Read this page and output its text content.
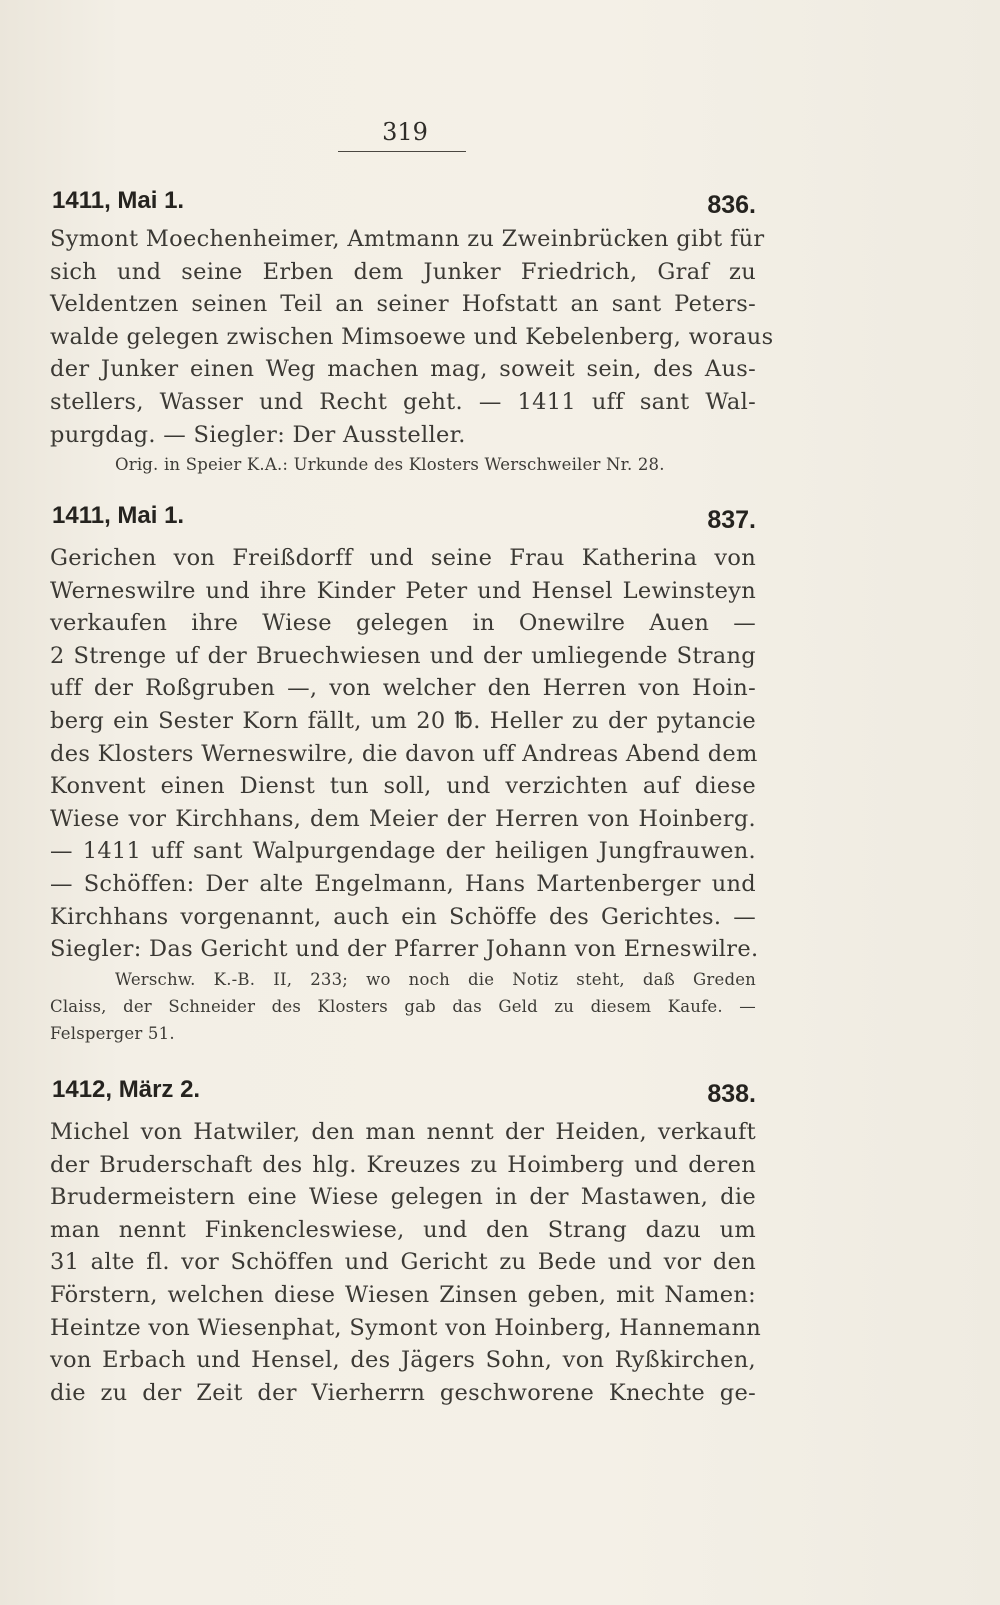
319
1411, Mai 1.	836.
Symont Moechenheimer, Amtmann zu Zweinbrücken gibt für
sich und seine Erben dem Junker Friedrich, Graf zu
Veldentzen seinen Teil an seiner Hofstatt an sant Peters-
walde gelegen zwischen Mimsoewe und Kebelenberg, woraus
der Junker einen Weg machen mag, soweit sein, des Aus-
stellers, Wasser und Recht geht. — 1411 uff sant Wal-
purgdag. — Siegler: Der Aussteller.
Orig. in Speier K.A.: Urkunde des Klosters Werschweiler Nr. 28.
1411, Mai 1.	837.
Gerichen von Freißdorff und seine Frau Katherina von
Werneswilre und ihre Kinder Peter und Hensel Lewinsteyn
verkaufen ihre Wiese gelegen in Onewilre Auen —
2 Strenge uf der Bruechwiesen und der umliegende Strang
uff der Roßgruben —, von welcher den Herren von Hoin-
berg ein Sester Korn fällt, um 20 ℔. Heller zu der pytancie
des Klosters Werneswilre, die davon uff Andreas Abend dem
Konvent einen Dienst tun soll, und verzichten auf diese
Wiese vor Kirchhans, dem Meier der Herren von Hoinberg.
— 1411 uff sant Walpurgendage der heiligen Jungfrauwen.
— Schöffen: Der alte Engelmann, Hans Martenberger und
Kirchhans vorgenannt, auch ein Schöffe des Gerichtes. —
Siegler: Das Gericht und der Pfarrer Johann von Erneswilre.
Werschw. K.-B. II, 233; wo noch die Notiz steht, daß Greden
Claiss, der Schneider des Klosters gab das Geld zu diesem Kaufe. —
Felsperger 51.
1412, März 2.	838.
Michel von Hatwiler, den man nennt der Heiden, verkauft
der Bruderschaft des hlg. Kreuzes zu Hoimberg und deren
Brudermeistern eine Wiese gelegen in der Mastawen, die
man nennt Finkencleswiese, und den Strang dazu um
31 alte fl. vor Schöffen und Gericht zu Bede und vor den
Förstern, welchen diese Wiesen Zinsen geben, mit Namen:
Heintze von Wiesenphat, Symont von Hoinberg, Hannemann
von Erbach und Hensel, des Jägers Sohn, von Ryßkirchen,
die zu der Zeit der Vierherrn geschworene Knechte ge-
